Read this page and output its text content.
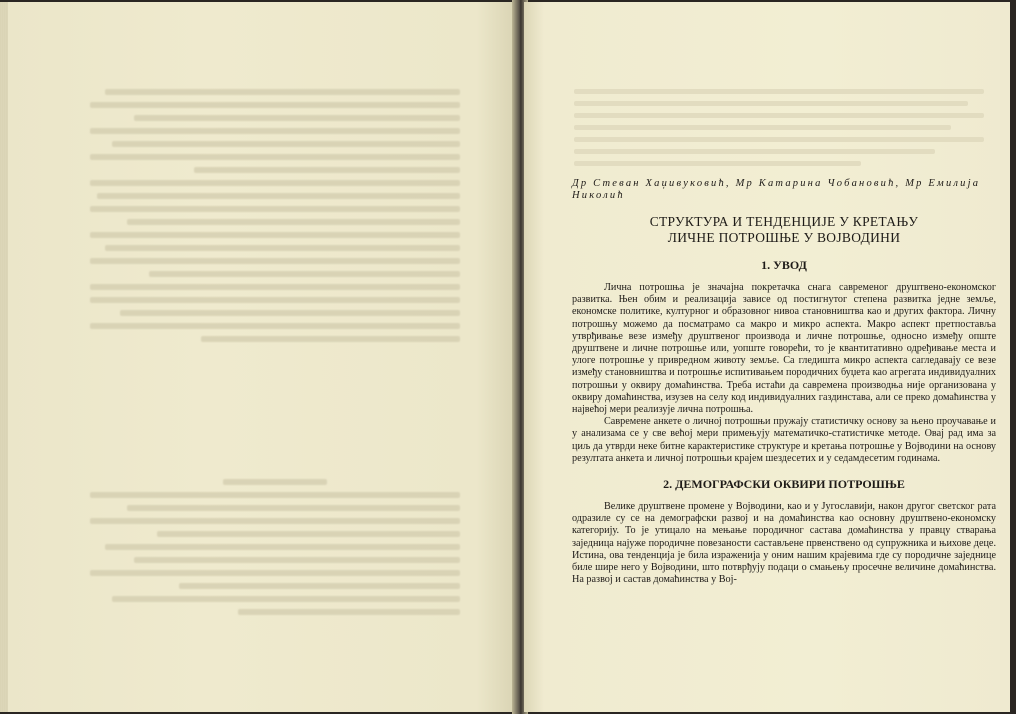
Др Стеван Хаџивуковић, Мр Катарина Чобановић, Мр Емилија Николић

СТРУКТУРА И ТЕНДЕНЦИЈЕ У КРЕТАЊУ
ЛИЧНЕ ПОТРОШЊЕ У ВОЈВОДИНИ
1. УВОД

Лична потрошња је значајна покретачка снага савременог друштвено-економског развитка. Њен обим и реализација зависе од постигнутог степена развитка једне земље, економске политике, културног и образовног нивоа становништва као и других фактора. Личну потрошњу можемо да посматрамо са макро и микро аспекта. Макро аспект претпоставља утврђивање везе између друштвеног производа и личне потрошње, односно између опште друштвене и личне потрошње или, уопште говорећи, то је квантитативно одређивање места и улоге потрошње у привредном животу земље. Са гледишта микро аспекта сагледавају се везе између становништва и потрошње испитивањем породичних буџета као агрегата индивидуалних потрошњи у оквиру домаћинства. Треба истаћи да савремена производња није организована у оквиру домаћинства, изузев на селу код индивидуалних газдинстава, али се преко домаћинства у највећој мери реализује лична потрошња.

Савремене анкете о личној потрошњи пружају статистичку основу за њено проучавање и у анализама се у све већој мери примењују математичко-статистичке методе. Овај рад има за циљ да утврди неке битне карактеристике структуре и кретања потрошње у Војводини на основу резултата анкета и личној потрошњи крајем шездесетих и у седамдесетим годинама.

2. ДЕМОГРАФСКИ ОКВИРИ ПОТРОШЊЕ

Велике друштвене промене у Војводини, као и у Југославији, након другог светског рата одразиле су се на демографски развој и на домаћинства као основну друштвено-економску категорију. То је утицало на мењање породичног састава домаћинства у правцу стварања заједница најуже породичне повезаности састављене првенствено од супружника и њихове деце. Истина, ова тенденција је била израженија у оним нашим крајевима где су породичне заједнице биле шире него у Војводини, што потврђују подаци о смањењу просечне величине домаћинства. На развој и састав домаћинства у Вој-
